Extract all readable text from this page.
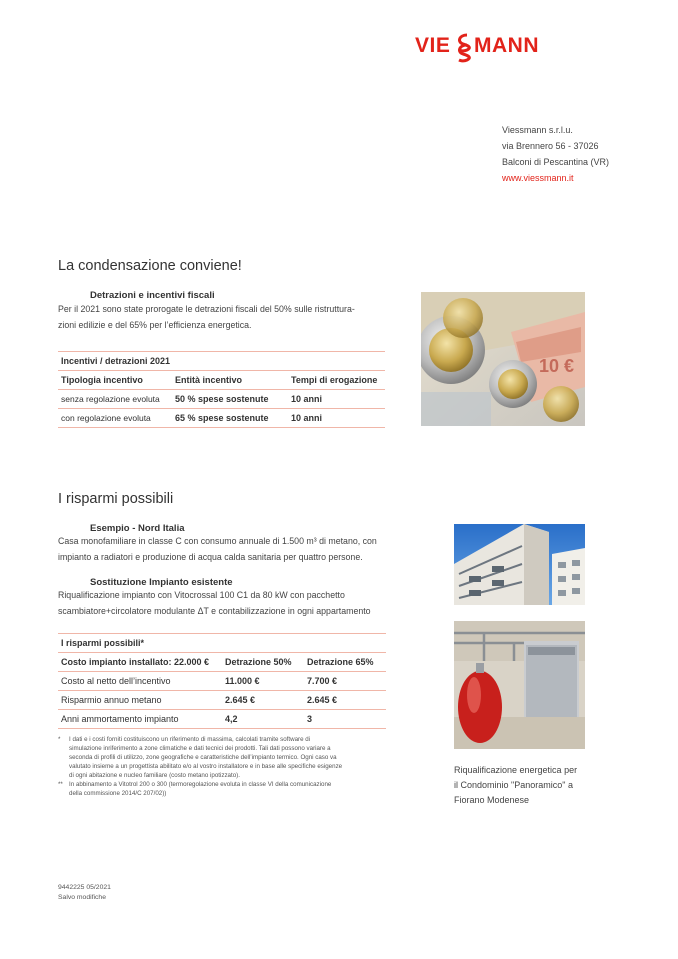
VIE MANN
Viessmann s.r.l.u.
via Brennero 56 - 37026
Balconi di Pescantina (VR)
www.viessmann.it
La condensazione conviene!
Detrazioni e incentivi fiscali
Per il 2021 sono state prorogate le detrazioni fiscali del 50% sulle ristruttura-
zioni edilizie e del 65% per l’efficienza energetica.
Incentivi / detrazioni 2021		
Tipologia incentivo	Entità incentivo	Tempi di erogazione
senza regolazione evoluta	50 % spese sostenute	10 anni
con regolazione evoluta	65 % spese sostenute	10 anni
10 €
I risparmi possibili
Esempio - Nord Italia
Casa monofamiliare in classe C con consumo annuale di 1.500 m³ di metano, con
impianto a radiatori e produzione di acqua calda sanitaria per quattro persone.
Sostituzione Impianto esistente
Riqualificazione impianto con Vitocrossal 100 C1 da 80 kW con pacchetto
scambiatore+circolatore modulante ΔT e contabilizzazione in ogni appartamento
I risparmi possibili*		
Costo impianto installato: 22.000 €	Detrazione 50%	Detrazione 65%
Costo al netto dell’incentivo	11.000 €	7.700 €
Risparmio annuo metano	2.645 €	2.645 €
Anni ammortamento impianto	4,2	3
*	I dati e i costi forniti costituiscono un riferimento di massima, calcolati tramite software di
simulazione inriferimento a zone climatiche e dati tecnici dei prodotti. Tali dati possono variare a
seconda di profili di utilizzo, zone geografiche e caratteristiche dell’impianto termico. Ogni caso va
valutato insieme a un progettista abilitato e/o al vostro installatore e in base alle specifiche esigenze
di ogni abitazione e nucleo familiare (costo metano ipotizzato).
** In abbinamento a Vitotrol 200 o 300 (termoregolazione evoluta in classe VI della comunicazione
della commissione 2014/C 207/02))
Riqualificazione energetica per
il Condominio "Panoramico" a
Fiorano Modenese
9442225 05/2021
Salvo modifiche
